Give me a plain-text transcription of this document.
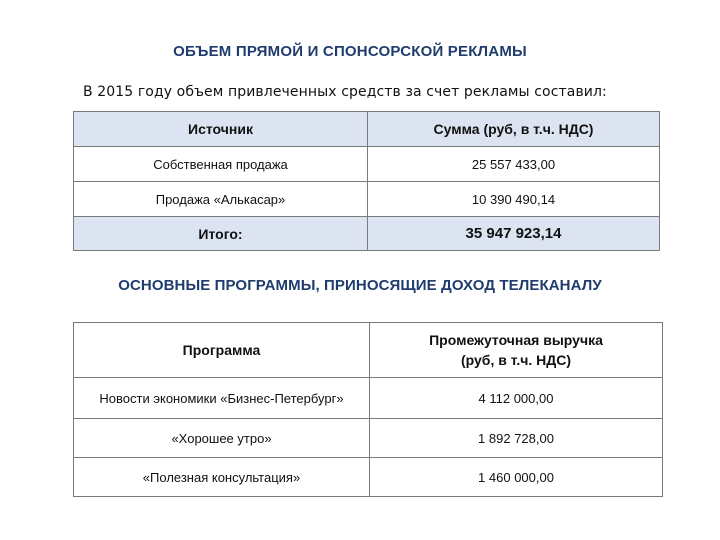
ОБЪЕМ ПРЯМОЙ И СПОНСОРСКОЙ РЕКЛАМЫ
В 2015 году объем привлеченных средств за счет рекламы составил:
Источник	Сумма (руб, в т.ч. НДС)
Собственная продажа	25 557 433,00
Продажа «Алькасар»	10 390 490,14
Итого:	35 947 923,14
ОСНОВНЫЕ ПРОГРАММЫ, ПРИНОСЯЩИЕ ДОХОД ТЕЛЕКАНАЛУ
Программа	Промежуточная выручка
(руб, в т.ч. НДС)

Новости экономики «Бизнес-Петербург»	4 112 000,00
«Хорошее утро»	1 892 728,00
«Полезная консультация»	1 460 000,00
